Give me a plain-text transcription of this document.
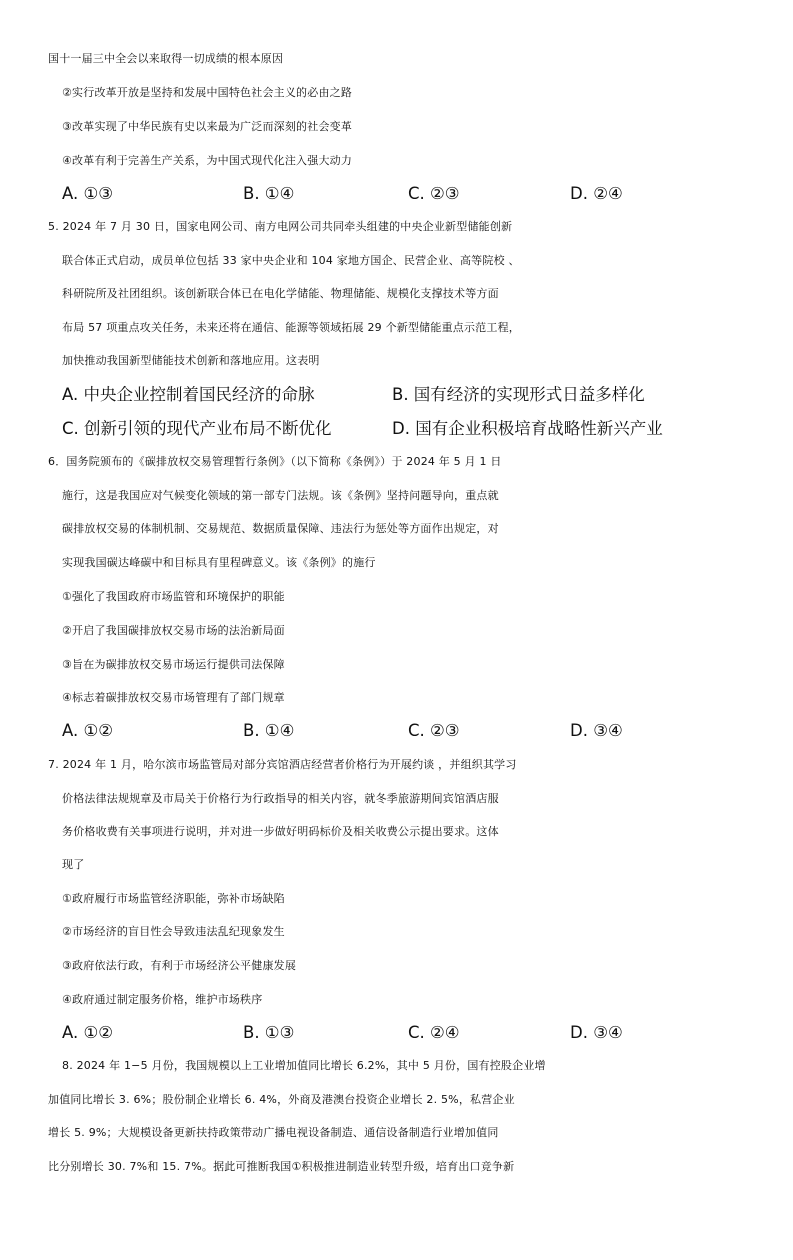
国十一届三中全会以来取得一切成绩的根本原因
②实行改革开放是坚持和发展中国特色社会主义的必由之路
③改革实现了中华民族有史以来最为广泛而深刻的社会变革
④改革有利于完善生产关系，为中国式现代化注入强大动力
A. ①③	B. ①④	C. ②③	D. ②④
5. 2024 年 7 月 30 日，国家电网公司、南方电网公司共同牵头组建的中央企业新型储能创新
联合体正式启动，成员单位包括 33 家中央企业和 104 家地方国企、民营企业、高等院校 、
科研院所及社团组织。该创新联合体已在电化学储能、物理储能、规模化支撑技术等方面
布局 57 项重点攻关任务，未来还将在通信、能源等领域拓展 29 个新型储能重点示范工程，
加快推动我国新型储能技术创新和落地应用。这表明
A. 中央企业控制着国民经济的命脉	B. 国有经济的实现形式日益多样化
C. 创新引领的现代产业布局不断优化	D. 国有企业积极培育战略性新兴产业
6．国务院颁布的《碳排放权交易管理暂行条例》（以下简称《条例》）于 2024 年 5 月 1 日
施行，这是我国应对气候变化领域的第一部专门法规。该《条例》坚持问题导向，重点就
碳排放权交易的体制机制、交易规范、数据质量保障、违法行为惩处等方面作出规定，对
实现我国碳达峰碳中和目标具有里程碑意义。该《条例》的施行
①强化了我国政府市场监管和环境保护的职能
②开启了我国碳排放权交易市场的法治新局面
③旨在为碳排放权交易市场运行提供司法保障
④标志着碳排放权交易市场管理有了部门规章
A. ①②	B. ①④	C. ②③	D. ③④
7. 2024 年 1 月，哈尔滨市场监管局对部分宾馆酒店经营者价格行为开展约谈 ，并组织其学习
价格法律法规规章及市局关于价格行为行政指导的相关内容，就冬季旅游期间宾馆酒店服
务价格收费有关事项进行说明，并对进一步做好明码标价及相关收费公示提出要求。这体
现了
①政府履行市场监管经济职能，弥补市场缺陷
②市场经济的盲目性会导致违法乱纪现象发生
③政府依法行政，有利于市场经济公平健康发展
④政府通过制定服务价格，维护市场秩序
A. ①②	B. ①③	C. ②④	D. ③④
8. 2024 年 1−5 月份，我国规模以上工业增加值同比增长 6.2%，其中 5 月份，国有控股企业增
加值同比增长 3. 6%；股份制企业增长 6. 4%，外商及港澳台投资企业增长 2. 5%，私营企业
增长 5. 9%；大规模设备更新扶持政策带动广播电视设备制造、通信设备制造行业增加值同
比分别增长 30. 7%和 15. 7%。据此可推断我国①积极推进制造业转型升级，培育出口竞争新
